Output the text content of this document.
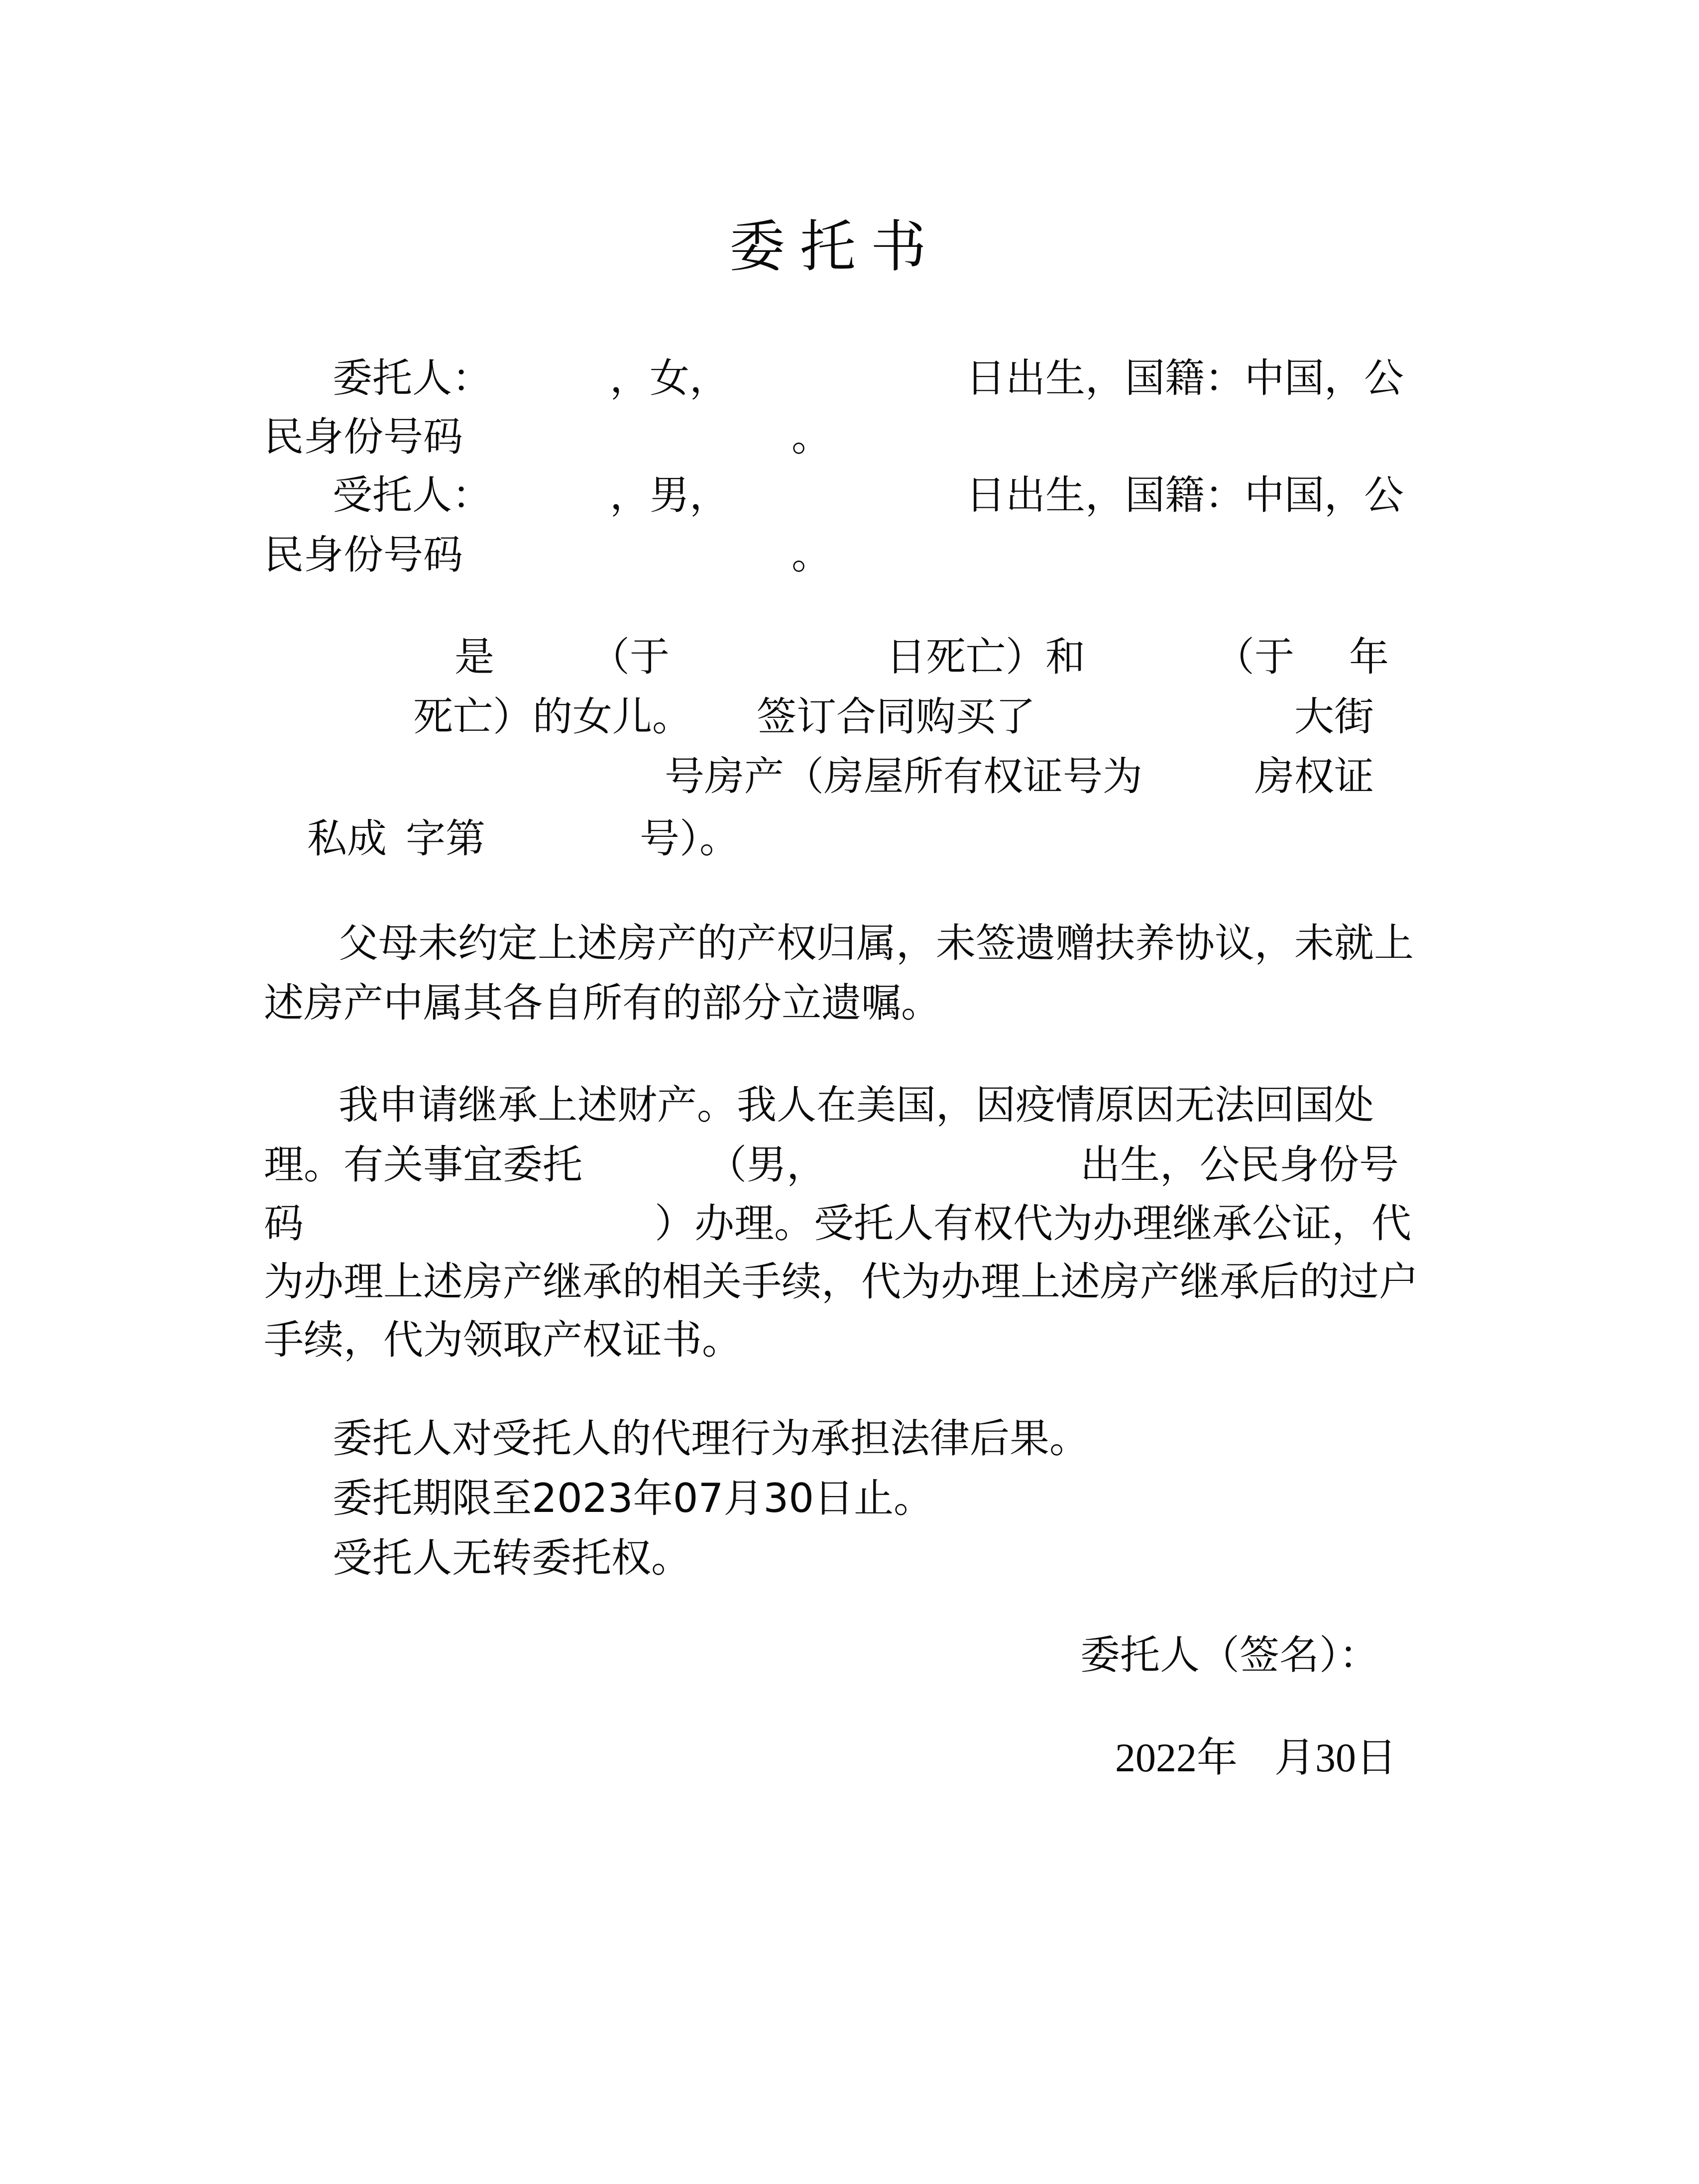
委托书
委托人：	，女，	日出生，国籍：中国，公
民身份号码	。
受托人：	，男，	日出生，国籍：中国，公
民身份号码	。
是 （于	日死亡）和	（于 年
死亡）的女儿。 签订合同购买了	大街
号房产（房屋所有权证号为	房权证
私成 字第	号）。
父母未约定上述房产的产权归属，未签遗赠扶养协议，未就上
述房产中属其各自所有的部分立遗嘱。
我申请继承上述财产。我人在美国，因疫情原因无法回国处
理。有关事宜委托	（男，	出生，公民身份号
码	）办理。受托人有权代为办理继承公证，代
为办理上述房产继承的相关手续，代为办理上述房产继承后的过户
手续，代为领取产权证书。
委托人对受托人的代理行为承担法律后果。
委托期限至2023年07月30日止。
受托人无转委托权。
委托人（签名）：
2022年 月30日
